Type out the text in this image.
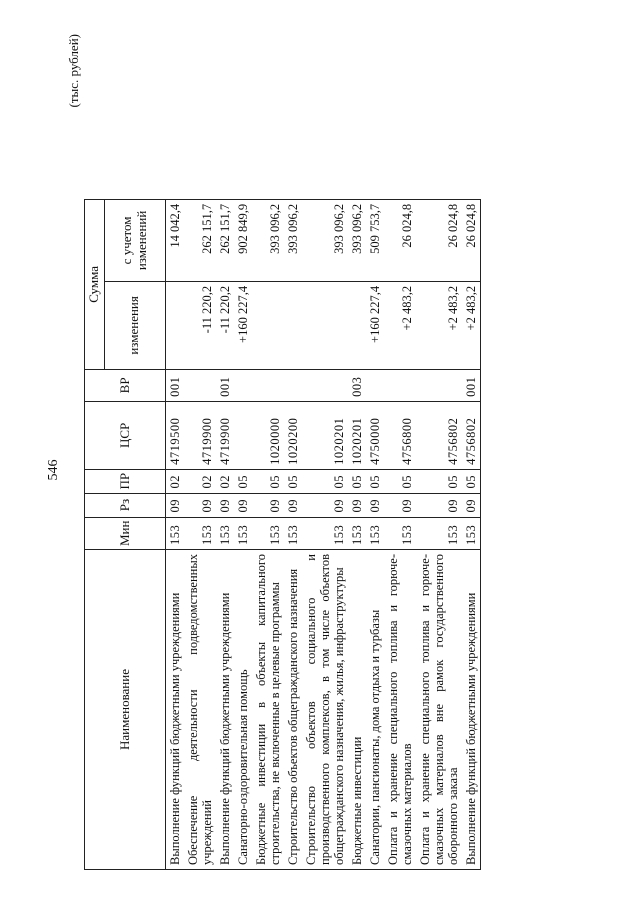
546
(тыс. рублей)
Наименование	Мин	Рз	ПР	ЦСР	ВР	Сумма	
						изменения	с учетом изменений
Выполнение функций бюджетными учреждениями	153	09	02	4719500	001		14 042,4
Обеспечение деятельности подведомственных учреждений	153	09	02	4719900		-11 220,2	262 151,7
Выполнение функций бюджетными учреждениями	153	09	02	4719900	001	-11 220,2	262 151,7
Санаторно-оздоровительная помощь	153	09	05			+160 227,4	902 849,9
Бюджетные инвестиции в объекты капитального строительства, не включенные в целевые программы	153	09	05	1020000			393 096,2
Строительство объектов общегражданского назначения	153	09	05	1020200			393 096,2
Строительство объектов социального и производственного комплексов, в том числе объектов общегражданского назначения, жилья, инфраструктуры	153	09	05	1020201			393 096,2
Бюджетные инвестиции	153	09	05	1020201	003		393 096,2
Санатории, пансионаты, дома отдыха и турбазы	153	09	05	4750000		+160 227,4	509 753,7
Оплата и хранение специального топлива и горюче-смазочных материалов	153	09	05	4756800		+2 483,2	26 024,8
Оплата и хранение специального топлива и горюче-смазочных материалов вне рамок государственного оборонного заказа	153	09	05	4756802		+2 483,2	26 024,8
Выполнение функций бюджетными учреждениями	153	09	05	4756802	001	+2 483,2	26 024,8
